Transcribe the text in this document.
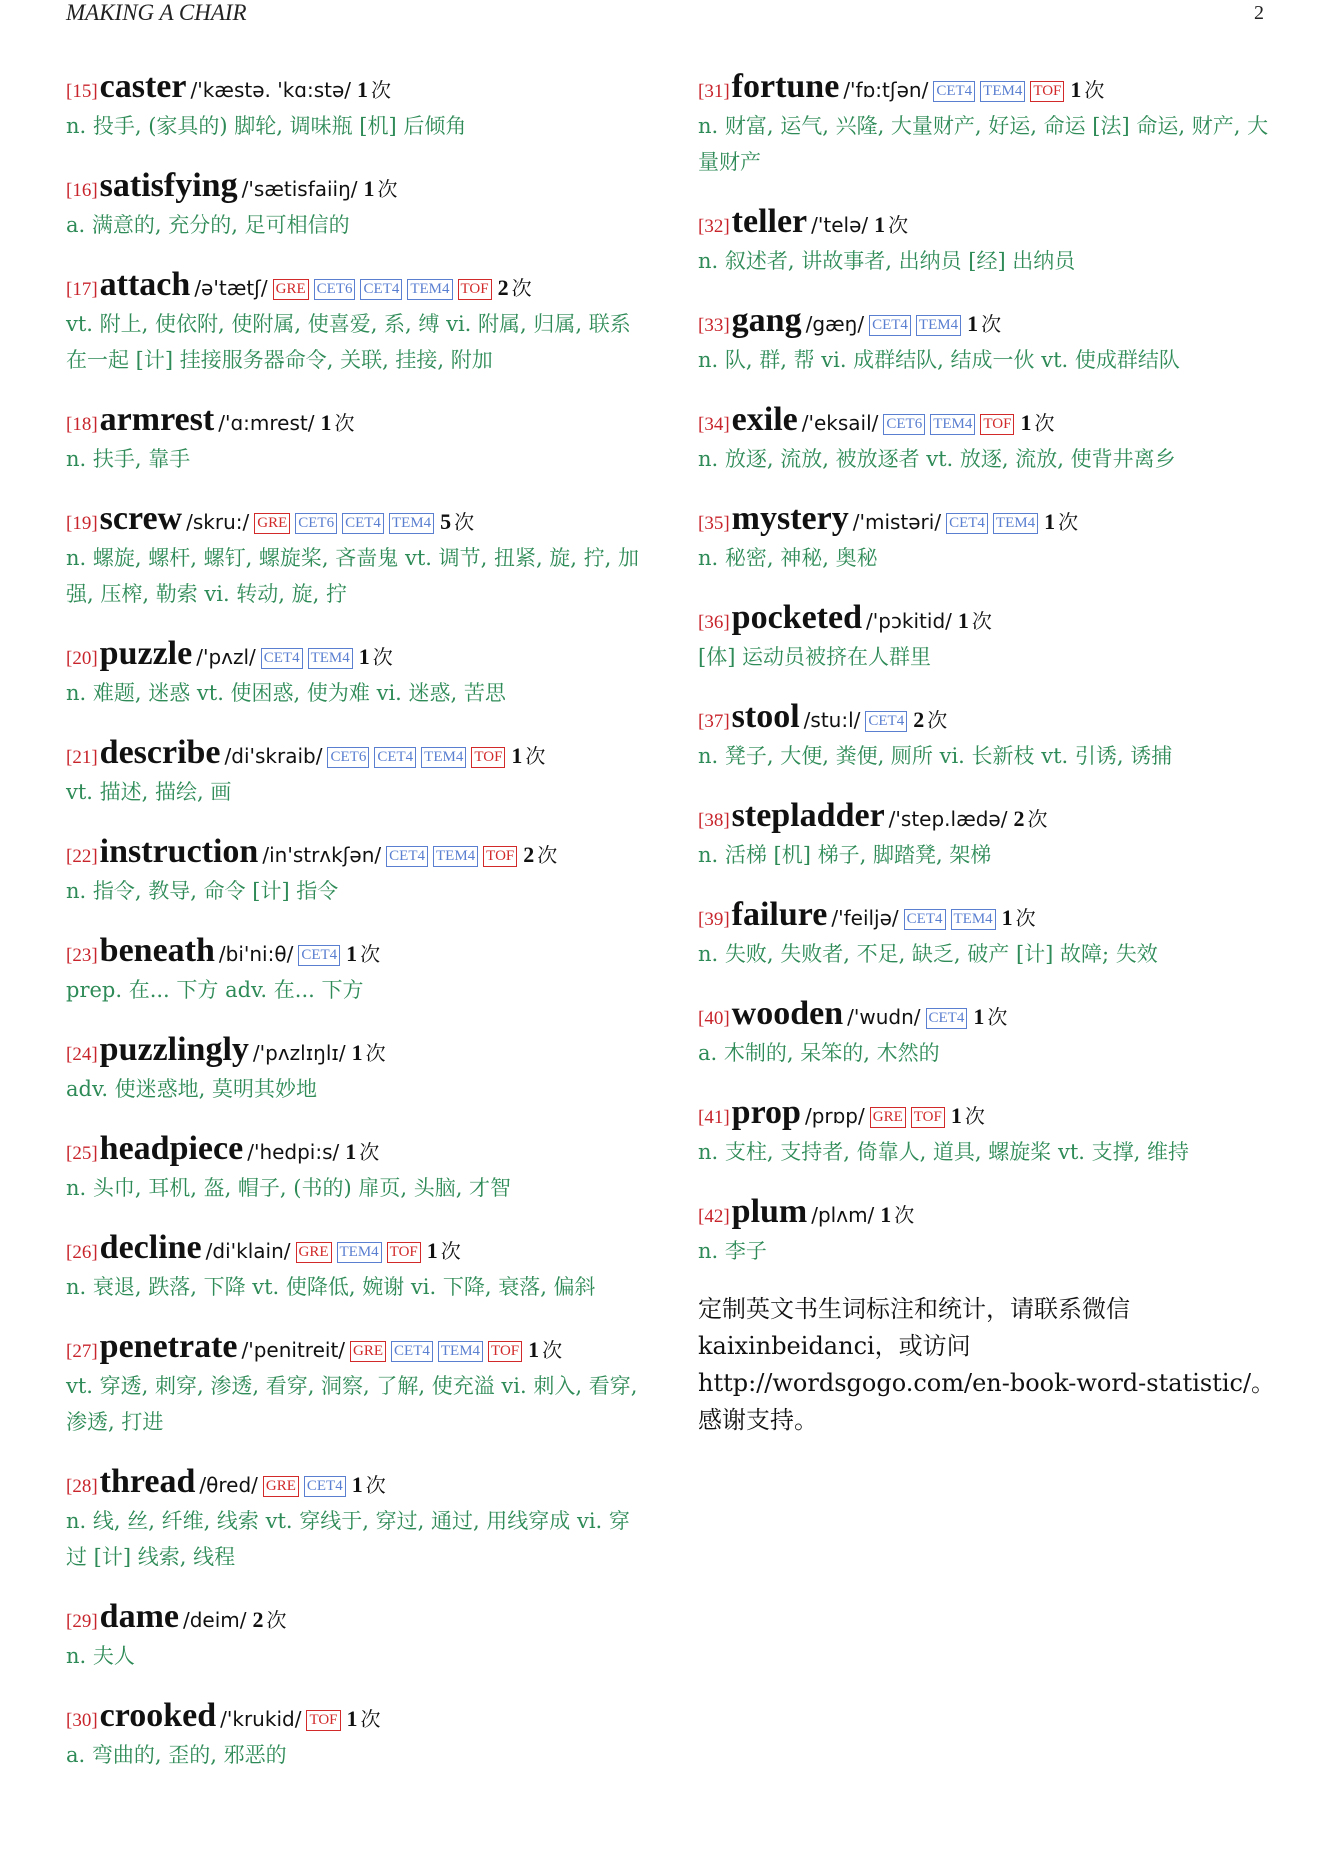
MAKING A CHAIR	2
[15]caster /'kæstə. 'kɑ:stə/ 1 次
n. 投手, (家具的) 脚轮, 调味瓶 [机] 后倾角
[16]satisfying /'sætisfaiiŋ/ 1 次
a. 满意的, 充分的, 足可相信的
[17]attach /ə'tætʃ/ GRE CET6 CET4 TEM4 TOF 2 次
vt. 附上, 使依附, 使附属, 使喜爱, 系, 缚 vi. 附属, 归属, 联系在一起 [计] 挂接服务器命令, 关联, 挂接, 附加
[18]armrest /'ɑ:mrest/ 1 次
n. 扶手, 靠手
[19]screw /skru:/ GRE CET6 CET4 TEM4 5 次
n. 螺旋, 螺杆, 螺钉, 螺旋桨, 吝啬鬼 vt. 调节, 扭紧, 旋, 拧, 加强, 压榨, 勒索 vi. 转动, 旋, 拧
[20]puzzle /'pʌzl/ CET4 TEM4 1 次
n. 难题, 迷惑 vt. 使困惑, 使为难 vi. 迷惑, 苦思
[21]describe /di'skraib/ CET6 CET4 TEM4 TOF 1 次
vt. 描述, 描绘, 画
[22]instruction /in'strʌkʃən/ CET4 TEM4 TOF 2 次
n. 指令, 教导, 命令 [计] 指令
[23]beneath /bi'ni:θ/ CET4 1 次
prep. 在... 下方 adv. 在... 下方
[24]puzzlingly /'pʌzlɪŋlɪ/ 1 次
adv. 使迷惑地, 莫明其妙地
[25]headpiece /'hedpi:s/ 1 次
n. 头巾, 耳机, 盔, 帽子, (书的) 扉页, 头脑, 才智
[26]decline /di'klain/ GRE TEM4 TOF 1 次
n. 衰退, 跌落, 下降 vt. 使降低, 婉谢 vi. 下降, 衰落, 偏斜
[27]penetrate /'penitreit/ GRE CET4 TEM4 TOF 1 次
vt. 穿透, 刺穿, 渗透, 看穿, 洞察, 了解, 使充溢 vi. 刺入, 看穿, 渗透, 打进
[28]thread /θred/ GRE CET4 1 次
n. 线, 丝, 纤维, 线索 vt. 穿线于, 穿过, 通过, 用线穿成 vi. 穿过 [计] 线索, 线程
[29]dame /deim/ 2 次
n. 夫人
[30]crooked /'krukid/ TOF 1 次
a. 弯曲的, 歪的, 邪恶的
[31]fortune /'fɒ:tʃən/ CET4 TEM4 TOF 1 次
n. 财富, 运气, 兴隆, 大量财产, 好运, 命运 [法] 命运, 财产, 大量财产
[32]teller /'telə/ 1 次
n. 叙述者, 讲故事者, 出纳员 [经] 出纳员
[33]gang /gæŋ/ CET4 TEM4 1 次
n. 队, 群, 帮 vi. 成群结队, 结成一伙 vt. 使成群结队
[34]exile /'eksail/ CET6 TEM4 TOF 1 次
n. 放逐, 流放, 被放逐者 vt. 放逐, 流放, 使背井离乡
[35]mystery /'mistəri/ CET4 TEM4 1 次
n. 秘密, 神秘, 奥秘
[36]pocketed /'pɔkitid/ 1 次
[体] 运动员被挤在人群里
[37]stool /stu:l/ CET4 2 次
n. 凳子, 大便, 粪便, 厕所 vi. 长新枝 vt. 引诱, 诱捕
[38]stepladder /'step.lædə/ 2 次
n. 活梯 [机] 梯子, 脚踏凳, 架梯
[39]failure /'feiljə/ CET4 TEM4 1 次
n. 失败, 失败者, 不足, 缺乏, 破产 [计] 故障; 失效
[40]wooden /'wudn/ CET4 1 次
a. 木制的, 呆笨的, 木然的
[41]prop /prɒp/ GRE TOF 1 次
n. 支柱, 支持者, 倚靠人, 道具, 螺旋桨 vt. 支撑, 维持
[42]plum /plʌm/ 1 次
n. 李子
定制英文书生词标注和统计，请联系微信 kaixinbeidanci，或访问 http://wordsgogo.com/en-book-word-statistic/。感谢支持。
